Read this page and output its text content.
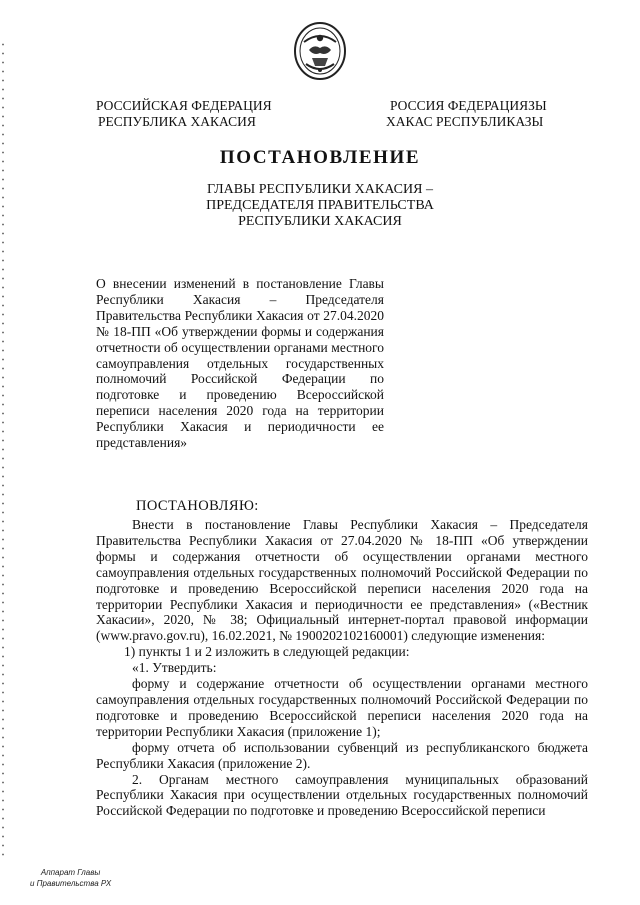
РОССИЙСКАЯ ФЕДЕРАЦИЯ
РЕСПУБЛИКА ХАКАСИЯ
РОССИЯ ФЕДЕРАЦИЯЗЫ
ХАКАС РЕСПУБЛИКАЗЫ
ПОСТАНОВЛЕНИЕ
ГЛАВЫ РЕСПУБЛИКИ ХАКАСИЯ –
ПРЕДСЕДАТЕЛЯ ПРАВИТЕЛЬСТВА
РЕСПУБЛИКИ ХАКАСИЯ
О внесении изменений в постановление Главы Республики Хакасия – Председателя Правительства Республики Хакасия от 27.04.2020 № 18-ПП «Об утверждении формы и содержания отчетности об осуществлении органами местного самоуправления отдельных государственных полномочий Российской Федерации по подготовке и проведению Всероссийской переписи населения 2020 года на территории Республики Хакасия и периодичности ее представления»
ПОСТАНОВЛЯЮ:

Внести в постановление Главы Республики Хакасия – Председателя Правительства Республики Хакасия от 27.04.2020 № 18-ПП «Об утверждении формы и содержания отчетности об осуществлении органами местного самоуправления отдельных государственных полномочий Российской Федерации по подготовке и проведению Всероссийской переписи населения 2020 года на территории Республики Хакасия и периодичности ее представления» («Вестник Хакасии», 2020, № 38; Официальный интернет-портал правовой информации (www.pravo.gov.ru), 16.02.2021, № 1900202102160001) следующие изменения:

1) пункты 1 и 2 изложить в следующей редакции:

«1. Утвердить:

форму и содержание отчетности об осуществлении органами местного самоуправления отдельных государственных полномочий Российской Федерации по подготовке и проведению Всероссийской переписи населения 2020 года на территории Республики Хакасия (приложение 1);

форму отчета об использовании субвенций из республиканского бюджета Республики Хакасия (приложение 2).

2. Органам местного самоуправления муниципальных образований Республики Хакасия при осуществлении отдельных государственных полномочий Российской Федерации по подготовке и проведению Всероссийской переписи

Аппарат Главы
и Правительства РХ
